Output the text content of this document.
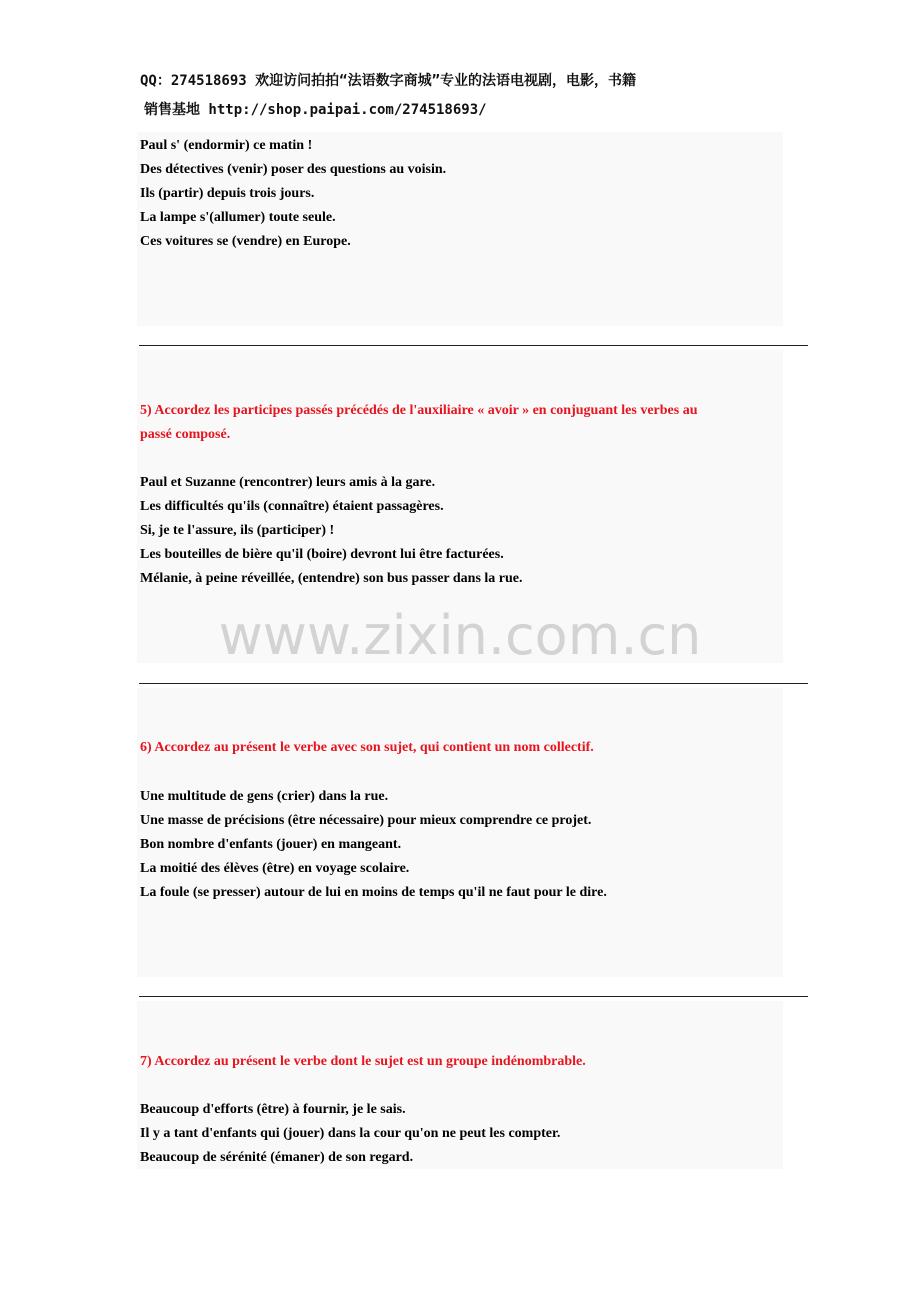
QQ：274518693 欢迎访问拍拍“法语数字商城”专业的法语电视剧，电影，书籍
销售基地 http://shop.paipai.com/274518693/
Paul s' (endormir) ce matin !
Des détectives (venir) poser des questions au voisin.
Ils (partir) depuis trois jours.
La lampe s'(allumer) toute seule.
Ces voitures se (vendre) en Europe.
5) Accordez les participes passés précédés de l'auxiliaire « avoir » en conjuguant les verbes au
passé composé.
Paul et Suzanne (rencontrer) leurs amis à la gare.
Les difficultés qu'ils (connaître) étaient passagères.
Si, je te l'assure, ils (participer) !
Les bouteilles de bière qu'il (boire) devront lui être facturées.
Mélanie, à peine réveillée, (entendre) son bus passer dans la rue.
www.zixin.com.cn
6) Accordez au présent le verbe avec son sujet, qui contient un nom collectif.
Une multitude de gens (crier) dans la rue.
Une masse de précisions (être nécessaire) pour mieux comprendre ce projet.
Bon nombre d'enfants (jouer) en mangeant.
La moitié des élèves (être) en voyage scolaire.
La foule (se presser) autour de lui en moins de temps qu'il ne faut pour le dire.
7) Accordez au présent le verbe dont le sujet est un groupe indénombrable.
Beaucoup d'efforts (être) à fournir, je le sais.
Il y a tant d'enfants qui (jouer) dans la cour qu'on ne peut les compter.
Beaucoup de sérénité (émaner) de son regard.
